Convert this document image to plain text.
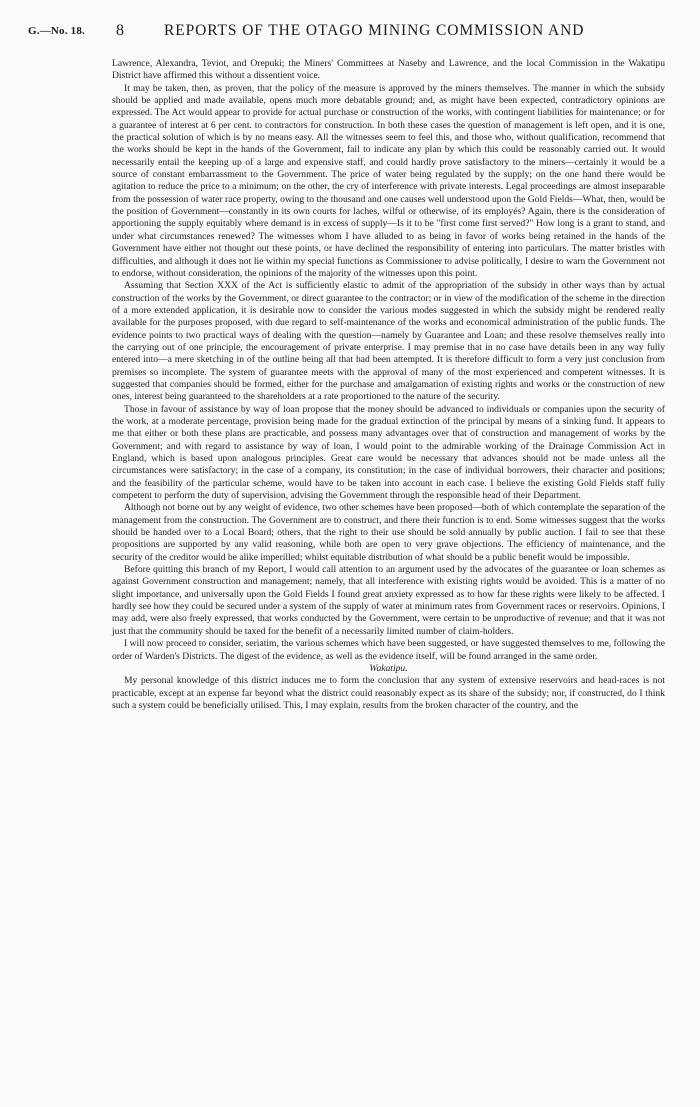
G.—No. 18. 8	REPORTS OF THE OTAGO MINING COMMISSION AND

Lawrence, Alexandra, Teviot, and Orepuki; the Miners' Committees at Naseby and Lawrence, and the local Commission in the Wakatipu District have affirmed this without a dissentient voice.

It may be taken, then, as proven, that the policy of the measure is approved by the miners themselves. The manner in which the subsidy should be applied and made available, opens much more debatable ground; and, as might have been expected, contradictory opinions are expressed. The Act would appear to provide for actual purchase or construction of the works, with contingent liabilities for maintenance; or for a guarantee of interest at 6 per cent. to contractors for construction. In both these cases the question of management is left open, and it is one, the practical solution of which is by no means easy. All the witnesses seem to feel this, and those who, without qualification, recommend that the works should be kept in the hands of the Government, fail to indicate any plan by which this could be reasonably carried out. It would necessarily entail the keeping up of a large and expensive staff, and could hardly prove satisfactory to the miners—certainly it would be a source of constant embarrassment to the Government. The price of water being regulated by the supply; on the one hand there would be agitation to reduce the price to a minimum; on the other, the cry of interference with private interests. Legal proceedings are almost inseparable from the possession of water race property, owing to the thousand and one causes well understood upon the Gold Fields—What, then, would be the position of Government—constantly in its own courts for laches, wilful or otherwise, of its employés? Again, there is the consideration of apportioning the supply equitably where demand is in excess of supply—Is it to be "first come first served?" How long is a grant to stand, and under what circumstances renewed? The witnesses whom I have alluded to as being in favor of works being retained in the hands of the Government have either not thought out these points, or have declined the responsibility of entering into particulars. The matter bristles with difficulties, and although it does not lie within my special functions as Commissioner to advise politically, I desire to warn the Government not to endorse, without consideration, the opinions of the majority of the witnesses upon this point.

Assuming that Section XXX of the Act is sufficiently elastic to admit of the appropriation of the subsidy in other ways than by actual construction of the works by the Government, or direct guarantee to the contractor; or in view of the modification of the scheme in the direction of a more extended application, it is desirable now to consider the various modes suggested in which the subsidy might be rendered really available for the purposes proposed, with due regard to self-maintenance of the works and economical administration of the public funds. The evidence points to two practical ways of dealing with the question—namely by Guarantee and Loan; and these resolve themselves really into the carrying out of one principle, the encouragement of private enterprise. I may premise that in no case have details been in any way fully entered into—a mere sketching in of the outline being all that had been attempted. It is therefore difficult to form a very just conclusion from premises so incomplete. The system of guarantee meets with the approval of many of the most experienced and competent witnesses. It is suggested that companies should be formed, either for the purchase and amalgamation of existing rights and works or the construction of new ones, interest being guaranteed to the shareholders at a rate proportioned to the nature of the security.

Those in favour of assistance by way of loan propose that the money should be advanced to individuals or companies upon the security of the work, at a moderate percentage, provision being made for the gradual extinction of the principal by means of a sinking fund. It appears to me that either or both these plans are practicable, and possess many advantages over that of construction and management of works by the Government; and with regard to assistance by way of loan, I would point to the admirable working of the Drainage Commission Act in England, which is based upon analogous principles. Great care would be necessary that advances should not be made unless all the circumstances were satisfactory; in the case of a company, its constitution; in the case of individual borrowers, their character and positions; and the feasibility of the particular scheme, would have to be taken into account in each case. I believe the existing Gold Fields staff fully competent to perform the duty of supervision, advising the Government through the responsible head of their Department.

Although not borne out by any weight of evidence, two other schemes have been proposed—both of which contemplate the separation of the management from the construction. The Government are to construct, and there their function is to end. Some witnesses suggest that the works should be handed over to a Local Board; others, that the right to their use should be sold annually by public auction. I fail to see that these propositions are supported by any valid reasoning, while both are open to very grave objections. The efficiency of maintenance, and the security of the creditor would be alike imperilled; whilst equitable distribution of what should be a public benefit would be impossible.

Before quitting this branch of my Report, I would call attention to an argument used by the advocates of the guarantee or loan schemes as against Government construction and management; namely, that all interference with existing rights would be avoided. This is a matter of no slight importance, and universally upon the Gold Fields I found great anxiety expressed as to how far these rights were likely to be affected. I hardly see how they could be secured under a system of the supply of water at minimum rates from Government races or reservoirs. Opinions, I may add, were also freely expressed, that works conducted by the Government, were certain to be unproductive of revenue; and that it was not just that the community should be taxed for the benefit of a necessarily limited number of claim-holders.

I will now proceed to consider, seriatim, the various schemes which have been suggested, or have suggested themselves to me, following the order of Warden's Districts. The digest of the evidence, as well as the evidence itself, will be found arranged in the same order.

Wakatipu.

My personal knowledge of this district induces me to form the conclusion that any system of extensive reservoirs and head-races is not practicable, except at an expense far beyond what the district could reasonably expect as its share of the subsidy; nor, if constructed, do I think such a system could be beneficially utilised. This, I may explain, results from the broken character of the country, and the
